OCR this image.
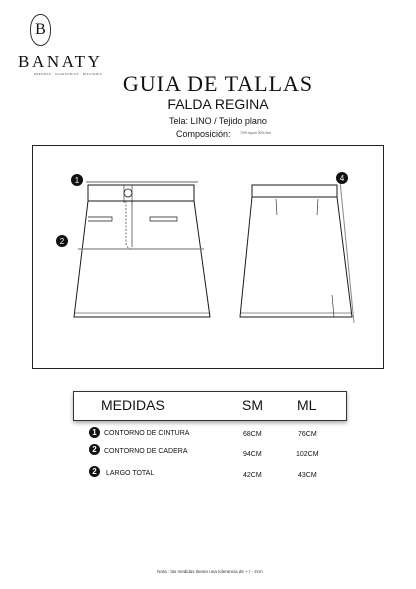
B
BANATY
PRENDAS · ACCESORIOS · BISUTERIA GUIA DE TALLAS
FALDA REGINA
Tela: LINO / Tejido plano
Composición:	70% rayon 30% lino
1
2
4
MEDIDAS	SM ML
1	CONTORNO DE CINTURA	68CM	76CM
2	CONTORNO DE CADERA	94CM	102CM
2	LARGO TOTAL	42CM	43CM
Nota : las medidas tienen una tolerancia de + / - 2cm
